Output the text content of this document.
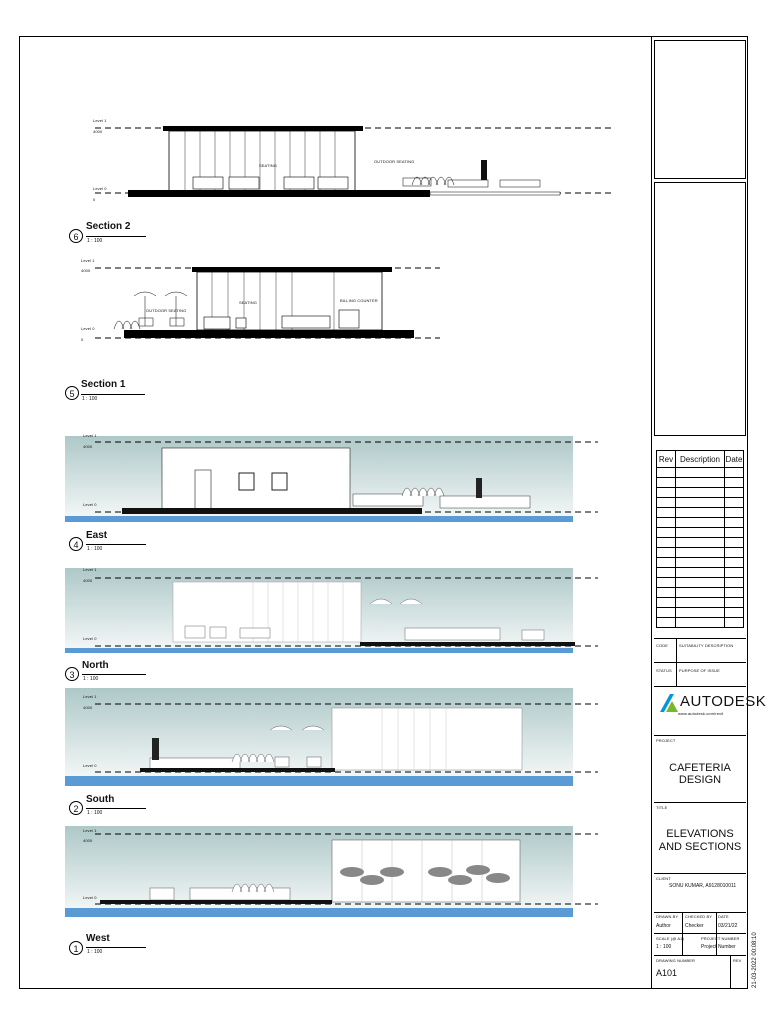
Level 1
4000
Level 0
0
Level 1
4000
Level 0
0
Level 1
4000
Level 0
Level 1
4000
Level 0
Level 1
4000
Level 0
Level 1
4000
Level 0
OUTDOOR SEATING
SEATING
OUTDOOR SEATING
SEATING	BILLING COUNTER
6
Section 2
1 : 100
5
Section 1
1 : 100
4
East
1 : 100
3
North
1 : 100
2
South
1 : 100
1
West
1 : 100
Rev	Description	Date

CODE	SUITABILITY DESCRIPTION
STATUS PURPOSE OF ISSUE
AUTODESK
www.autodesk.com/revit
PROJECT
CAFETERIA DESIGN
TITLE
ELEVATIONS AND SECTIONS
CLIENT
SONU KUMAR, A9128010011
DRAWN BY
Author
CHECKED BY
Checker
DATE
03/21/22
SCALE (@ A1)
1 : 100
PROJECT NUMBER
Project Number
DRAWING NUMBER
A101
REV 21-03-2022 00:08:10
